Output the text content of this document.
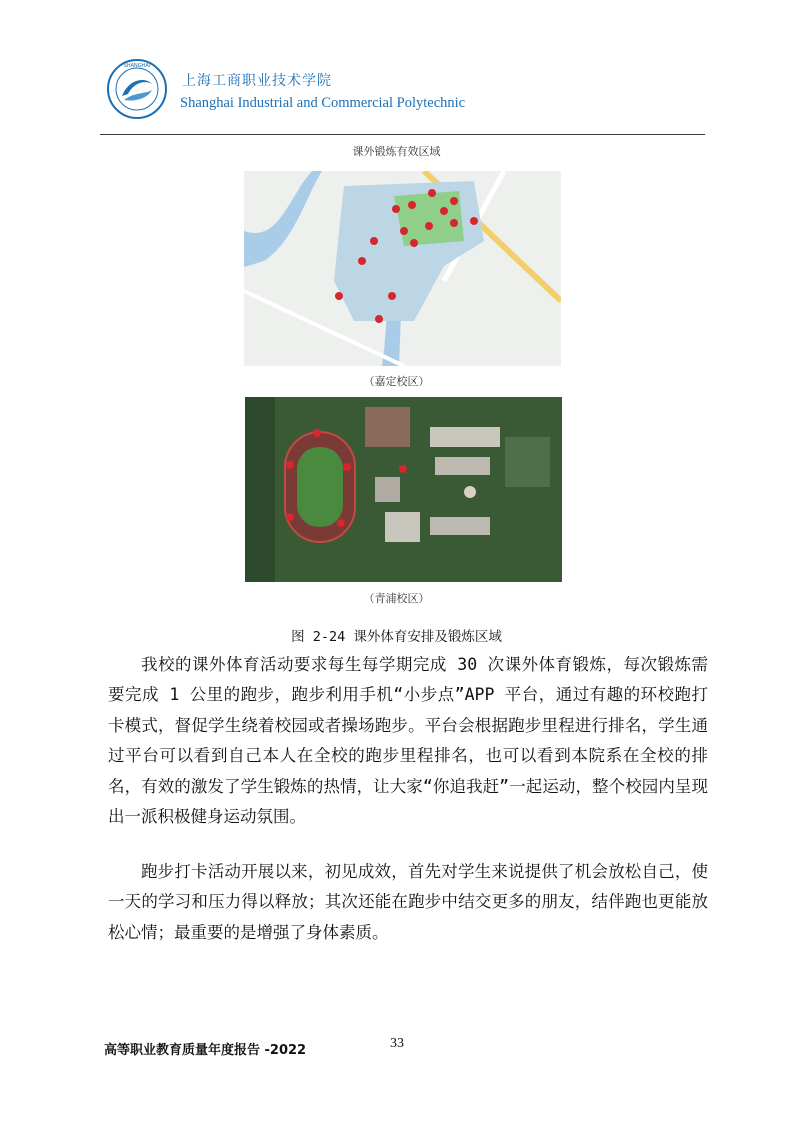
SHANGHAI
上海工商职业技术学院
Shanghai Industrial and Commercial Polytechnic
课外锻炼有效区域
（嘉定校区）
（青浦校区）
图 2-24 课外体育安排及锻炼区域

我校的课外体育活动要求每生每学期完成 30 次课外体育锻炼，每次锻炼需要完成 1 公里的跑步，跑步利用手机“小步点”APP 平台，通过有趣的环校跑打卡模式，督促学生绕着校园或者操场跑步。平台会根据跑步里程进行排名，学生通过平台可以看到自己本人在全校的跑步里程排名，也可以看到本院系在全校的排名，有效的激发了学生锻炼的热情，让大家“你追我赶”一起运动，整个校园内呈现出一派积极健身运动氛围。

跑步打卡活动开展以来，初见成效，首先对学生来说提供了机会放松自己，使一天的学习和压力得以释放；其次还能在跑步中结交更多的朋友，结伴跑也更能放松心情；最重要的是增强了身体素质。

高等职业教育质量年度报告 -2022	33
